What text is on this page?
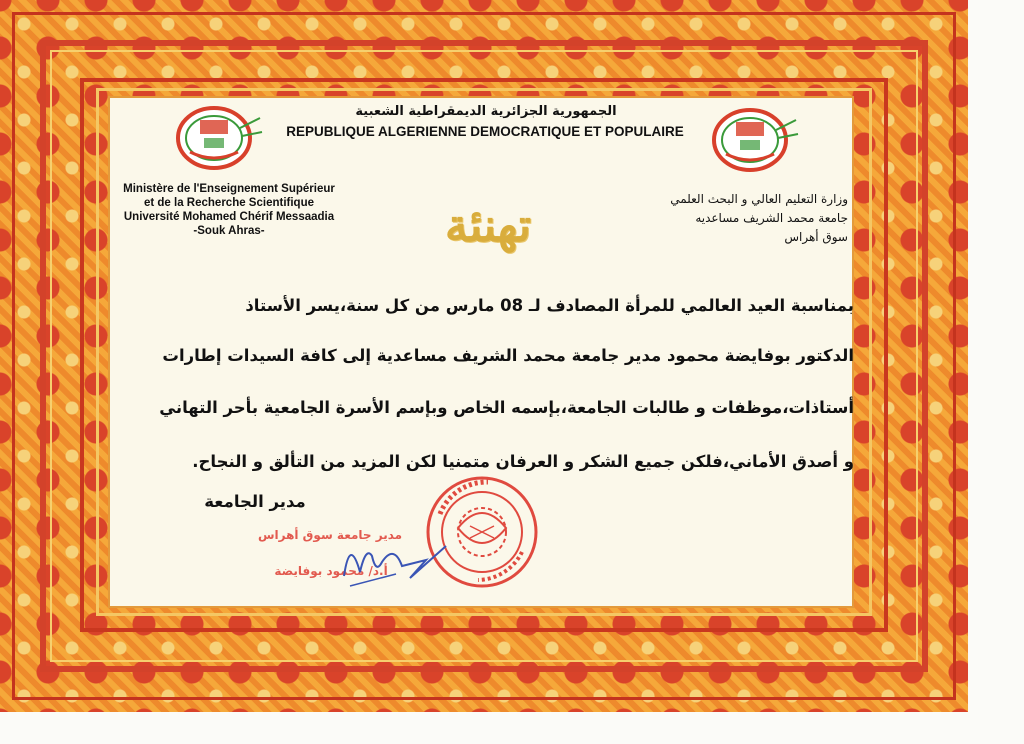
الجمهورية الجزائرية الديمقراطية الشعبية
REPUBLIQUE ALGERIENNE DEMOCRATIQUE ET POPULAIRE
Ministère de l'Enseignement Supérieur
et de la Recherche Scientifique
Université Mohamed Chérif Messaadia
-Souk Ahras-
وزارة التعليم العالي و البحث العلمي
جامعة محمد الشريف مساعديه
سوق أهراس
تهنئة
بمناسبة العيد العالمي للمرأة المصادف لـ 08 مارس من كل سنة،يسر الأستاذ
الدكتور بوفايضة محمود مدير جامعة محمد الشريف مساعدية إلى كافة السيدات إطارات
أستاذات،موظفات و طالبات الجامعة،بإسمه الخاص وبإسم الأسرة الجامعية بأحر التهاني
و أصدق الأماني،فلكن جميع الشكر و العرفان متمنيا لكن المزيد من التألق و النجاح.
مدير الجامعة
مدير جامعة سوق أهراس
أ.د/ محمود بوفايضة
